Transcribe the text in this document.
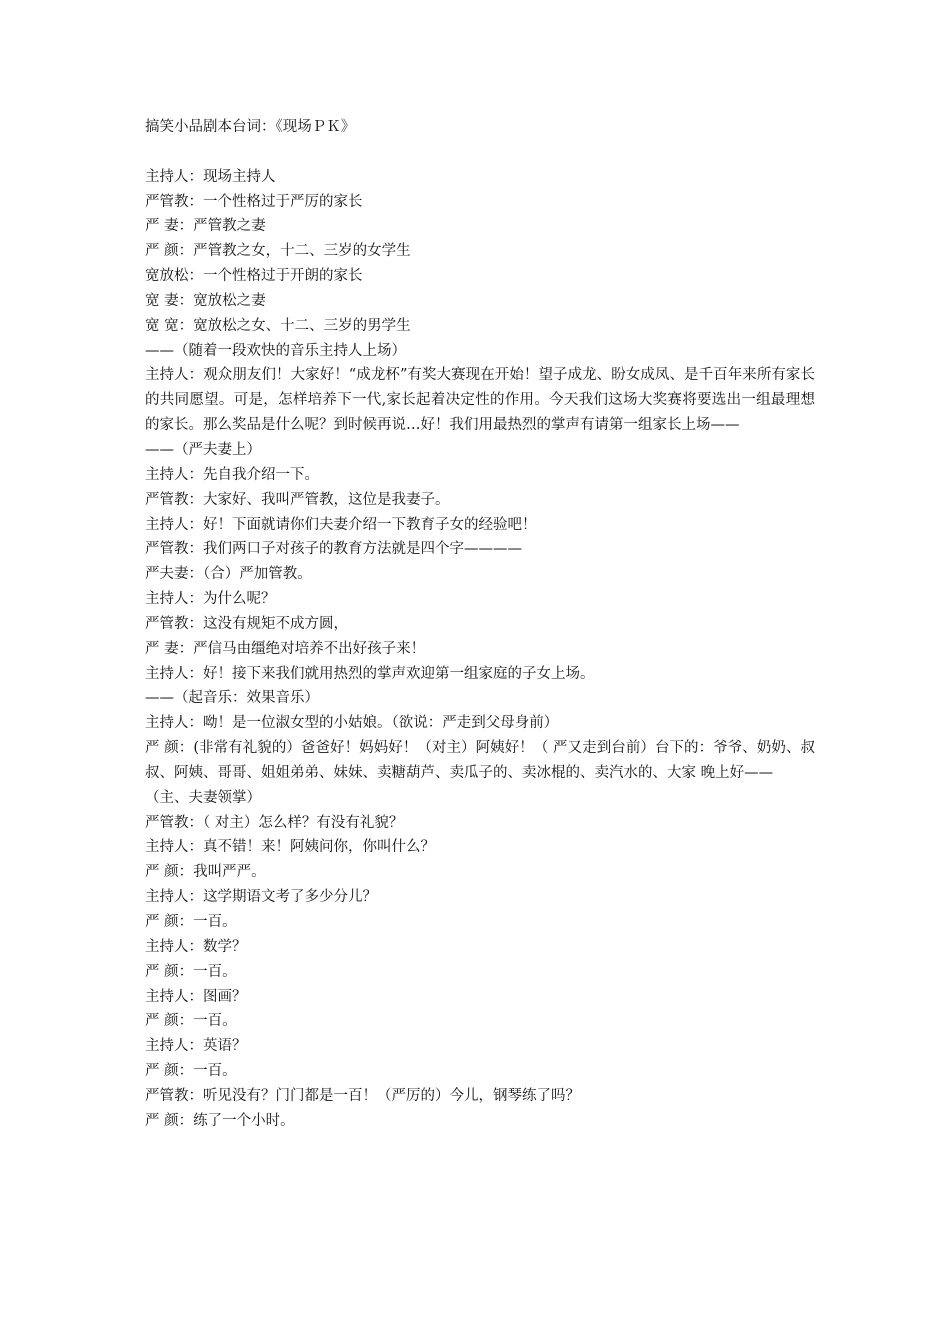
搞笑小品剧本台词：《现场ＰＫ》

主持人：现场主持人

严管教：一个性格过于严厉的家长

严 妻：严管教之妻

严 颜：严管教之女，十二、三岁的女学生

宽放松：一个性格过于开朗的家长

宽 妻：宽放松之妻

宽 宽：宽放松之女、十二、三岁的男学生

——（随着一段欢快的音乐主持人上场）

主持人：观众朋友们！大家好！“成龙杯”有奖大赛现在开始！望子成龙、盼女成凤、是千百年来所有家长的共同愿望。可是，怎样培养下一代,家长起着决定性的作用。今天我们这场大奖赛将要选出一组最理想的家长。那么奖品是什么呢？到时候再说…好！我们用最热烈的掌声有请第一组家长上场——

——（严夫妻上）

主持人：先自我介绍一下。

严管教：大家好、我叫严管教，这位是我妻子。

主持人：好！下面就请你们夫妻介绍一下教育子女的经验吧！

严管教：我们两口子对孩子的教育方法就是四个字————

严夫妻：（合）严加管教。

主持人：为什么呢？

严管教：这没有规矩不成方圆，

严 妻：严信马由缰绝对培养不出好孩子来！

主持人：好！接下来我们就用热烈的掌声欢迎第一组家庭的子女上场。

——（起音乐：效果音乐）

主持人：呦！是一位淑女型的小姑娘。（欲说：严走到父母身前）

严 颜：(非常有礼貌的）爸爸好！妈妈好！（对主）阿姨好！（ 严又走到台前）台下的：爷爷、奶奶、叔叔、阿姨、哥哥、姐姐弟弟、妹妹、卖糖葫芦、卖瓜子的、卖冰棍的、卖汽水的、大家 晚上好——

（主、夫妻领掌）

严管教：（ 对主）怎么样？有没有礼貌？

主持人：真不错！来！阿姨问你，你叫什么？

严 颜：我叫严严。

主持人：这学期语文考了多少分儿？

严 颜：一百。

主持人：数学？

严 颜：一百。

主持人：图画？

严 颜：一百。

主持人：英语？

严 颜：一百。

严管教：听见没有？门门都是一百！（严厉的）今儿，钢琴练了吗？

严 颜：练了一个小时。
